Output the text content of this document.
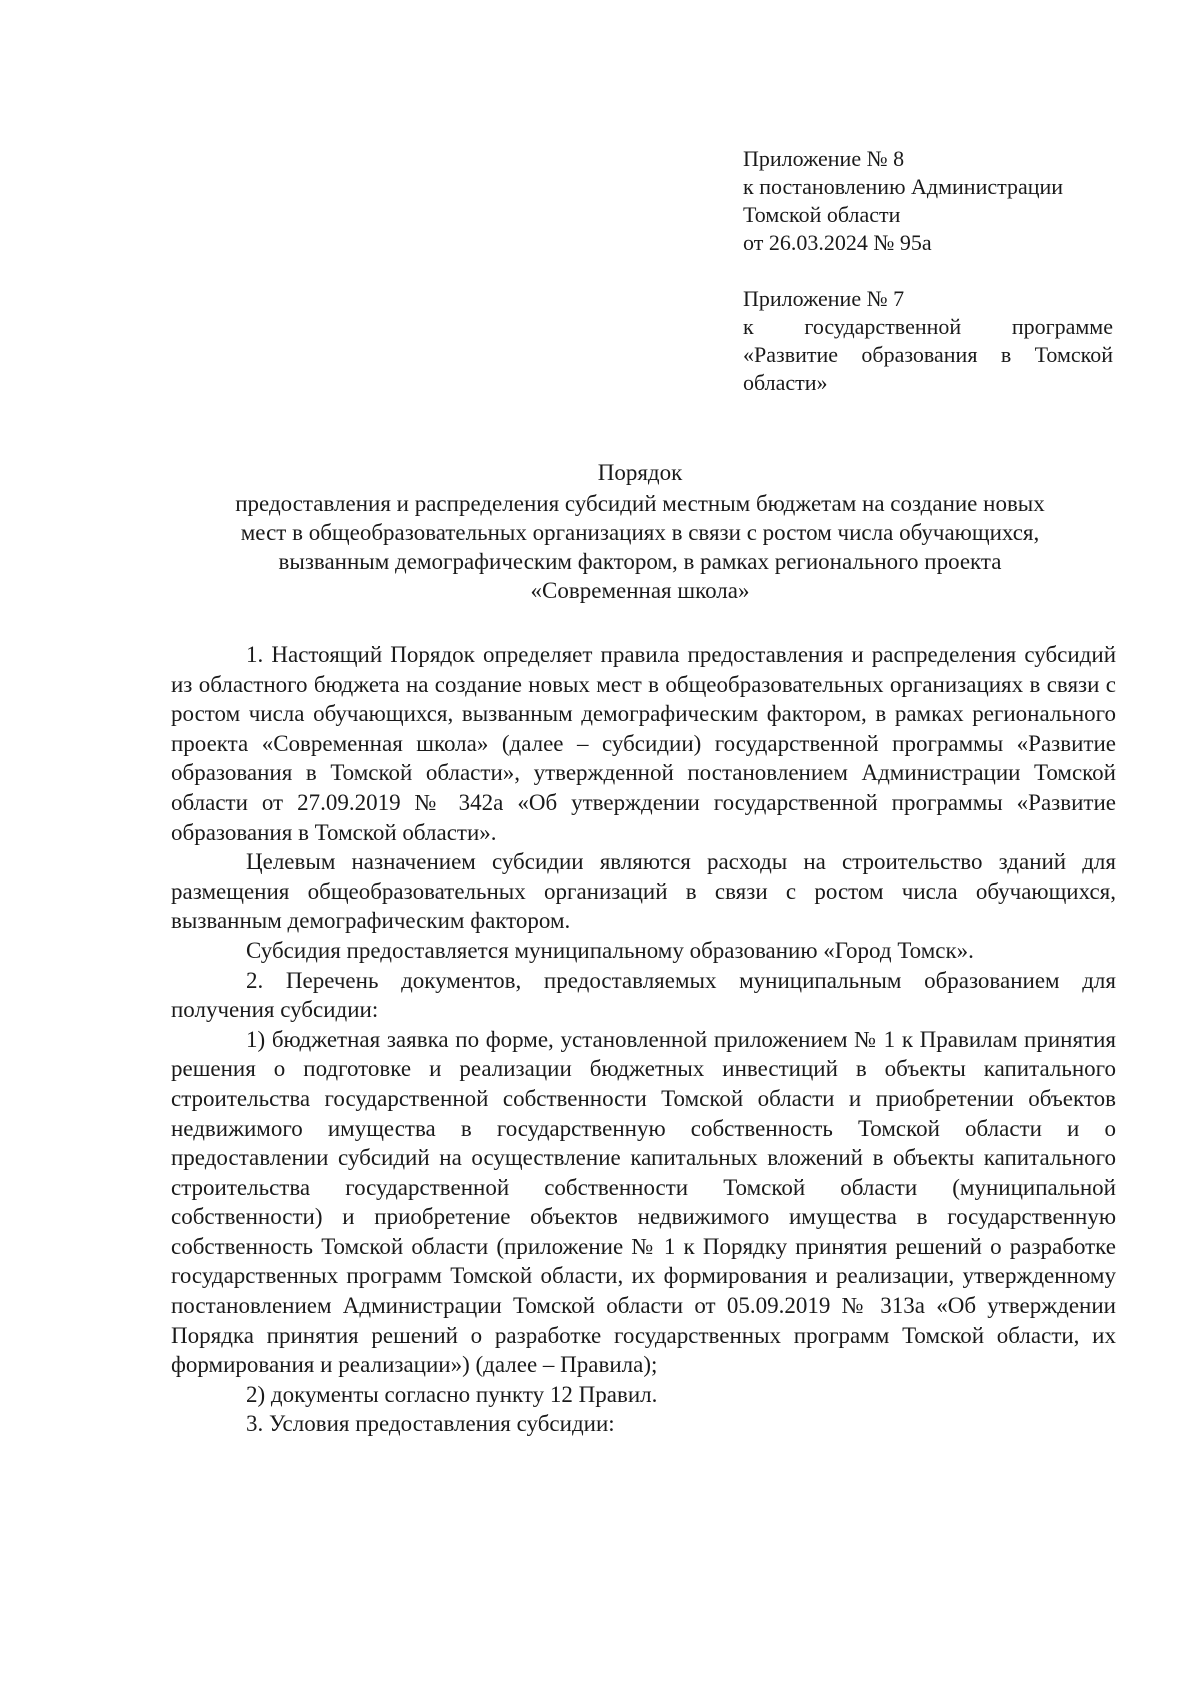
Приложение № 8
к постановлению Администрации
Томской области
от 26.03.2024 № 95а
Приложение № 7
к государственной программе
«Развитие образования в Томской
области»
Порядок
предоставления и распределения субсидий местным бюджетам на создание новых
мест в общеобразовательных организациях в связи с ростом числа обучающихся,
вызванным демографическим фактором, в рамках регионального проекта
«Современная школа»

1. Настоящий Порядок определяет правила предоставления и распределения субсидий из областного бюджета на создание новых мест в общеобразовательных организациях в связи с ростом числа обучающихся, вызванным демографическим фактором, в рамках регионального проекта «Современная школа» (далее – субсидии) государственной программы «Развитие образования в Томской области», утвержденной постановлением Администрации Томской области от 27.09.2019 № 342а «Об утверждении государственной программы «Развитие образования в Томской области».

Целевым назначением субсидии являются расходы на строительство зданий для размещения общеобразовательных организаций в связи с ростом числа обучающихся, вызванным демографическим фактором.

Субсидия предоставляется муниципальному образованию «Город Томск».

2. Перечень документов, предоставляемых муниципальным образованием для получения субсидии:

1) бюджетная заявка по форме, установленной приложением № 1 к Правилам принятия решения о подготовке и реализации бюджетных инвестиций в объекты капитального строительства государственной собственности Томской области и приобретении объектов недвижимого имущества в государственную собственность Томской области и о предоставлении субсидий на осуществление капитальных вложений в объекты капитального строительства государственной собственности Томской области (муниципальной собственности) и приобретение объектов недвижимого имущества в государственную собственность Томской области (приложение № 1 к Порядку принятия решений о разработке государственных программ Томской области, их формирования и реализации, утвержденному постановлением Администрации Томской области от 05.09.2019 № 313а «Об утверждении Порядка принятия решений о разработке государственных программ Томской области, их формирования и реализации») (далее – Правила);

2) документы согласно пункту 12 Правил.

3. Условия предоставления субсидии:
